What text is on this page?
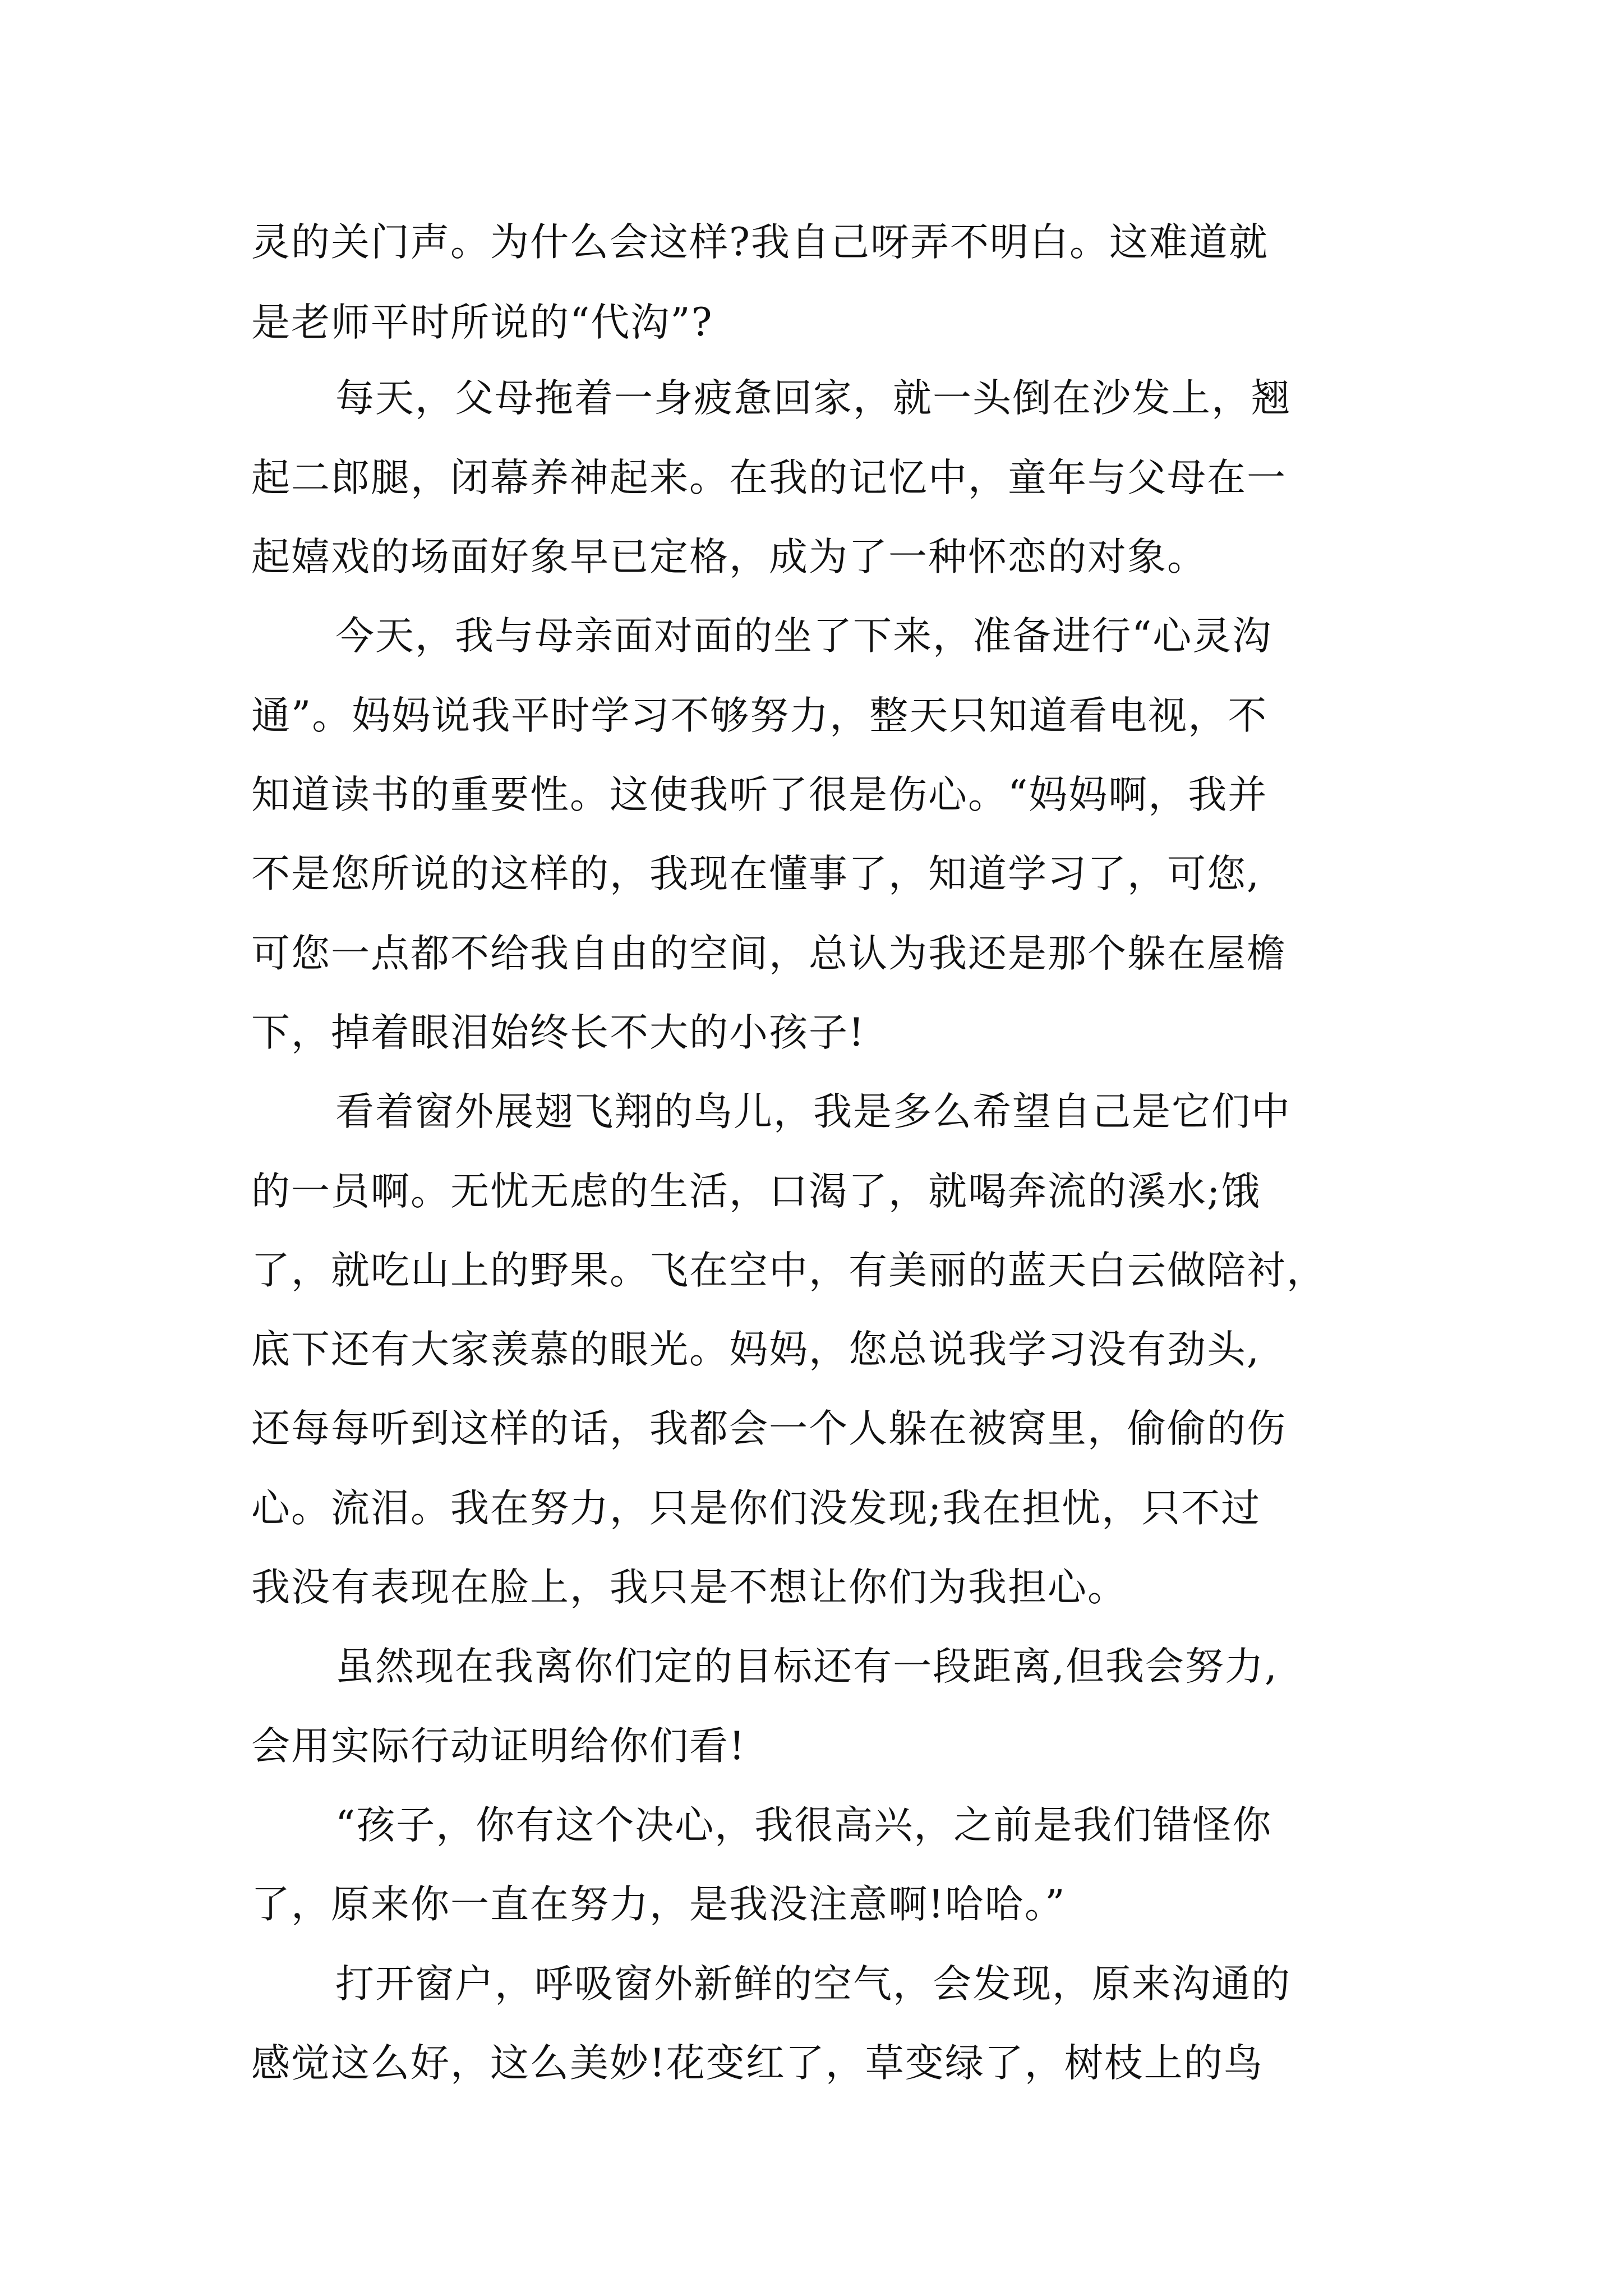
灵的关门声。为什么会这样?我自己呀弄不明白。这难道就
是老师平时所说的“代沟”?
每天，父母拖着一身疲惫回家，就一头倒在沙发上，翘
起二郎腿，闭幕养神起来。在我的记忆中，童年与父母在一
起嬉戏的场面好象早已定格，成为了一种怀恋的对象。
今天，我与母亲面对面的坐了下来，准备进行“心灵沟
通”。妈妈说我平时学习不够努力，整天只知道看电视，不
知道读书的重要性。这使我听了很是伤心。“妈妈啊，我并
不是您所说的这样的，我现在懂事了，知道学习了，可您,
可您一点都不给我自由的空间，总认为我还是那个躲在屋檐
下，掉着眼泪始终长不大的小孩子!
看着窗外展翅飞翔的鸟儿，我是多么希望自己是它们中
的一员啊。无忧无虑的生活，口渴了，就喝奔流的溪水;饿
了，就吃山上的野果。飞在空中，有美丽的蓝天白云做陪衬，
底下还有大家羡慕的眼光。妈妈，您总说我学习没有劲头,
还每每听到这样的话，我都会一个人躲在被窝里，偷偷的伤
心。流泪。我在努力，只是你们没发现;我在担忧，只不过
我没有表现在脸上，我只是不想让你们为我担心。
虽然现在我离你们定的目标还有一段距离,但我会努力,
会用实际行动证明给你们看!
“孩子，你有这个决心，我很高兴，之前是我们错怪你
了，原来你一直在努力，是我没注意啊!哈哈。”
打开窗户，呼吸窗外新鲜的空气，会发现，原来沟通的
感觉这么好，这么美妙!花变红了，草变绿了，树枝上的鸟
